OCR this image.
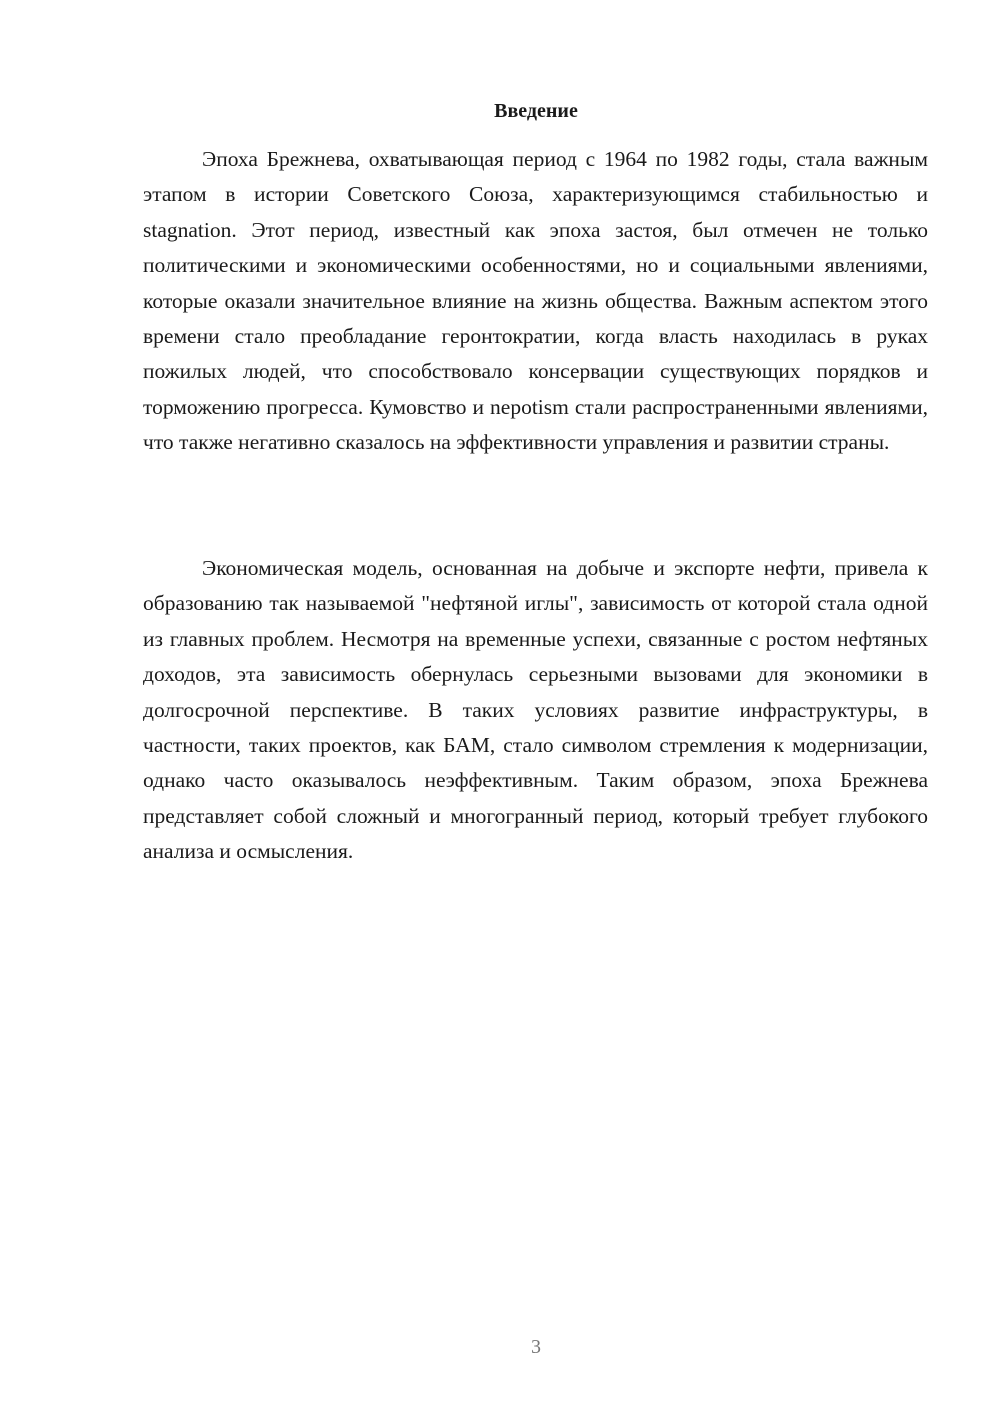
Введение

Эпоха Брежнева, охватывающая период с 1964 по 1982 годы, стала важным этапом в истории Советского Союза, характеризующимся стабильностью и stagnation. Этот период, известный как эпоха застоя, был отмечен не только политическими и экономическими особенностями, но и социальными явлениями, которые оказали значительное влияние на жизнь общества. Важным аспектом этого времени стало преобладание геронтократии, когда власть находилась в руках пожилых людей, что способствовало консервации существующих порядков и торможению прогресса. Кумовство и nepotism стали распространенными явлениями, что также негативно сказалось на эффективности управления и развитии страны.

Экономическая модель, основанная на добыче и экспорте нефти, привела к образованию так называемой "нефтяной иглы", зависимость от которой стала одной из главных проблем. Несмотря на временные успехи, связанные с ростом нефтяных доходов, эта зависимость обернулась серьезными вызовами для экономики в долгосрочной перспективе. В таких условиях развитие инфраструктуры, в частности, таких проектов, как БАМ, стало символом стремления к модернизации, однако часто оказывалось неэффективным. Таким образом, эпоха Брежнева представляет собой сложный и многогранный период, который требует глубокого анализа и осмысления.

3
